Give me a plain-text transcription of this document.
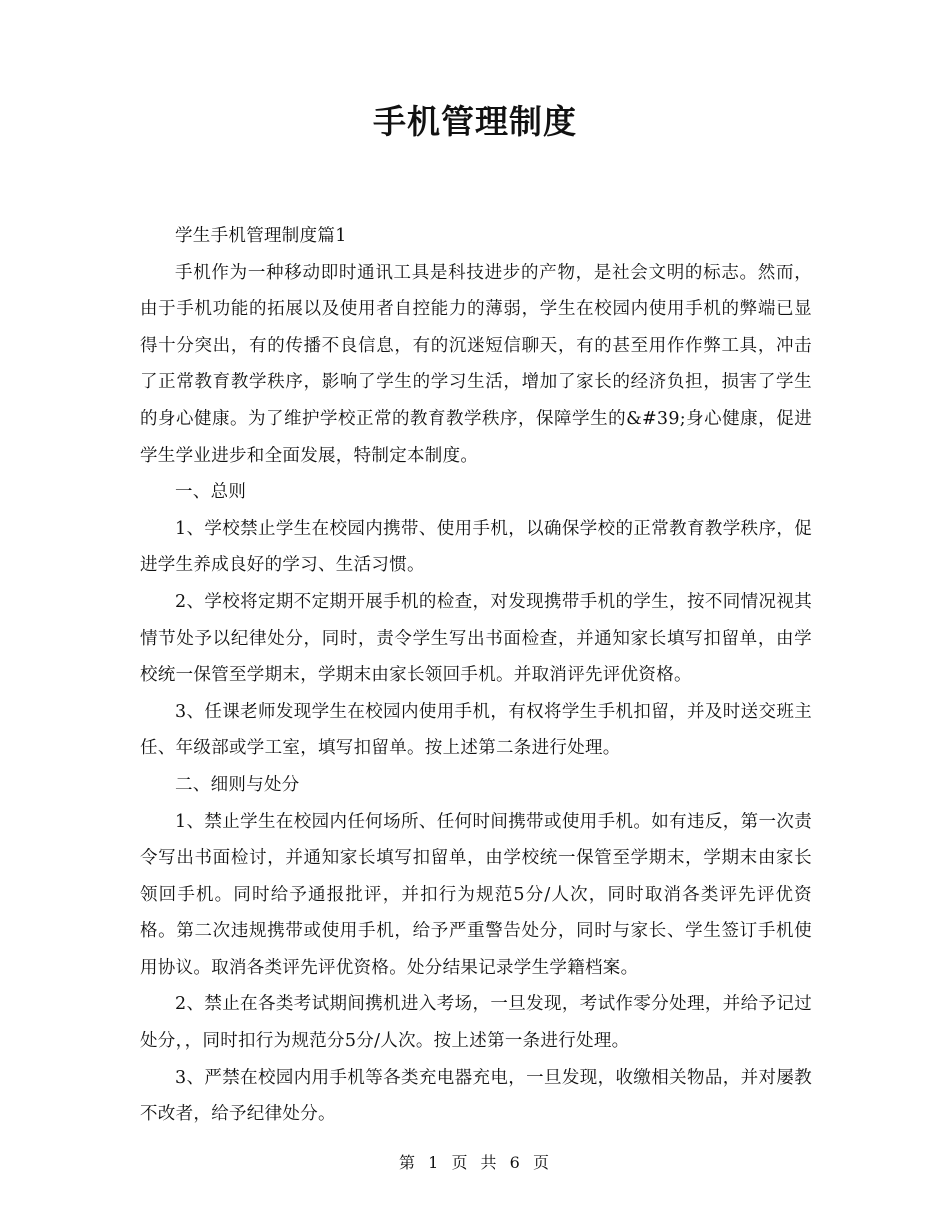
手机管理制度

学生手机管理制度篇1

手机作为一种移动即时通讯工具是科技进步的产物，是社会文明的标志。然而，由于手机功能的拓展以及使用者自控能力的薄弱，学生在校园内使用手机的弊端已显得十分突出，有的传播不良信息，有的沉迷短信聊天，有的甚至用作作弊工具，冲击了正常教育教学秩序，影响了学生的学习生活，增加了家长的经济负担，损害了学生的身心健康。为了维护学校正常的教育教学秩序，保障学生的&#39;身心健康，促进学生学业进步和全面发展，特制定本制度。

一、总则

1、学校禁止学生在校园内携带、使用手机，以确保学校的正常教育教学秩序，促进学生养成良好的学习、生活习惯。

2、学校将定期不定期开展手机的检查，对发现携带手机的学生，按不同情况视其情节处予以纪律处分，同时，责令学生写出书面检查，并通知家长填写扣留单，由学校统一保管至学期末，学期末由家长领回手机。并取消评先评优资格。

3、任课老师发现学生在校园内使用手机，有权将学生手机扣留，并及时送交班主任、年级部或学工室，填写扣留单。按上述第二条进行处理。

二、细则与处分

1、禁止学生在校园内任何场所、任何时间携带或使用手机。如有违反，第一次责令写出书面检讨，并通知家长填写扣留单，由学校统一保管至学期末，学期末由家长领回手机。同时给予通报批评，并扣行为规范5分/人次，同时取消各类评先评优资格。第二次违规携带或使用手机，给予严重警告处分，同时与家长、学生签订手机使用协议。取消各类评先评优资格。处分结果记录学生学籍档案。

2、禁止在各类考试期间携机进入考场，一旦发现，考试作零分处理，并给予记过处分，，同时扣行为规范分5分/人次。按上述第一条进行处理。

3、严禁在校园内用手机等各类充电器充电，一旦发现，收缴相关物品，并对屡教不改者，给予纪律处分。

第 1 页 共 6 页
